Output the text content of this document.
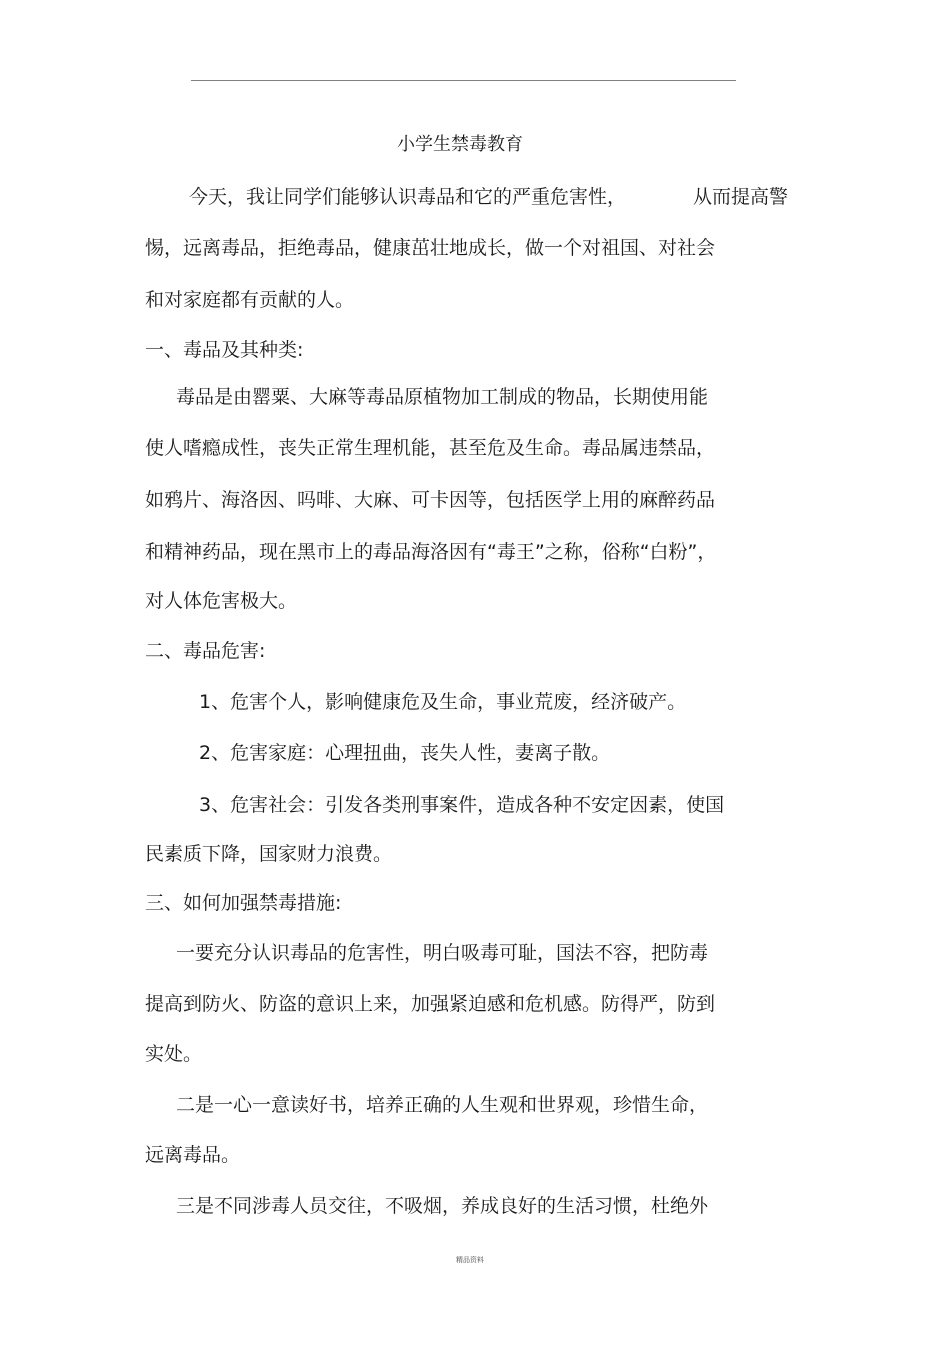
小学生禁毒教育
今天，我让同学们能够认识毒品和它的严重危害性，	从而提高警
惕，远离毒品，拒绝毒品，健康茁壮地成长，做一个对祖国、对社会
和对家庭都有贡献的人。
一、毒品及其种类:
毒品是由罂粟、大麻等毒品原植物加工制成的物品，长期使用能
使人嗜瘾成性，丧失正常生理机能，甚至危及生命。毒品属违禁品，
如鸦片、海洛因、吗啡、大麻、可卡因等，包括医学上用的麻醉药品
和精神药品，现在黑市上的毒品海洛因有“毒王”之称，俗称“白粉”，
对人体危害极大。
二、毒品危害:
1、危害个人，影响健康危及生命，事业荒废，经济破产。
2、危害家庭：心理扭曲，丧失人性，妻离子散。
3、危害社会：引发各类刑事案件，造成各种不安定因素，使国
民素质下降，国家财力浪费。
三、如何加强禁毒措施:
一要充分认识毒品的危害性，明白吸毒可耻，国法不容，把防毒
提高到防火、防盗的意识上来，加强紧迫感和危机感。防得严，防到
实处。
二是一心一意读好书，培养正确的人生观和世界观，珍惜生命，
远离毒品。
三是不同涉毒人员交往，不吸烟，养成良好的生活习惯，杜绝外
精品资料
